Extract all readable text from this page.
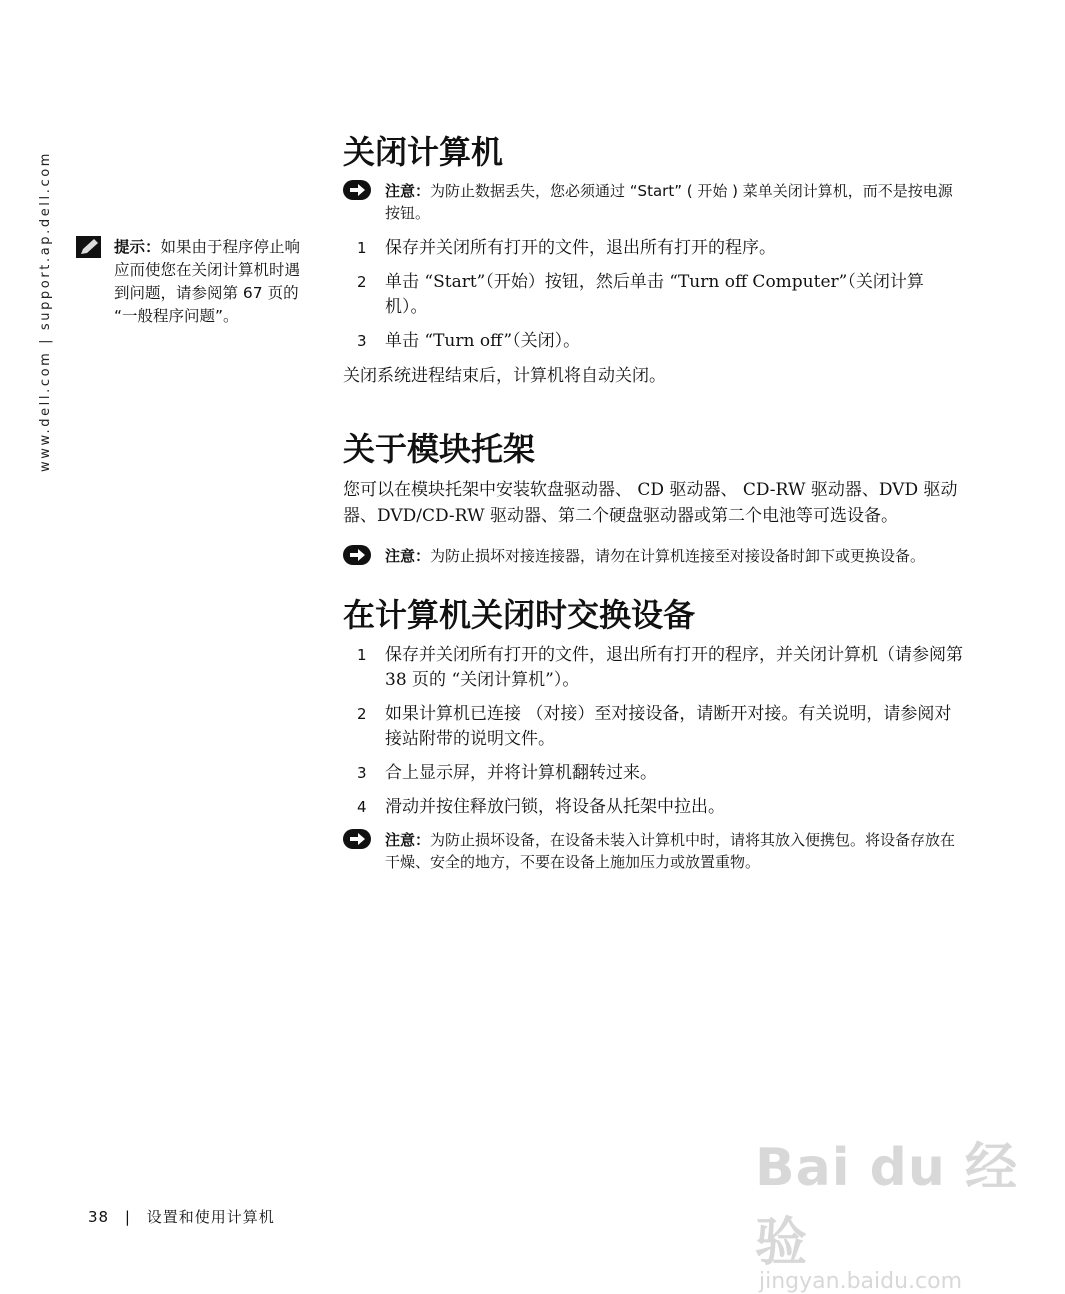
www.dell.com | support.ap.dell.com	提示：如果由于程序停止响应而使您在关闭计算机时遇到问题，请参阅第 67 页的 “一般程序问题”。
关闭计算机
注意：为防止数据丢失，您必须通过 “Start” ( 开始 ) 菜单关闭计算机，而不是按电源按钮。
1 保存并关闭所有打开的文件，退出所有打开的程序。
2 单击 “Start”（开始）按钮，然后单击 “Turn off Computer”（关闭计算机）。
3 单击 “Turn off”（关闭）。

关闭系统进程结束后，计算机将自动关闭。

关于模块托架

您可以在模块托架中安装软盘驱动器、 CD 驱动器、 CD-RW 驱动器、DVD 驱动器、DVD/CD-RW 驱动器、第二个硬盘驱动器或第二个电池等可选设备。

注意：为防止损坏对接连接器，请勿在计算机连接至对接设备时卸下或更换设备。
在计算机关闭时交换设备
1 保存并关闭所有打开的文件，退出所有打开的程序，并关闭计算机（请参阅第 38 页的 “关闭计算机”）。
2 如果计算机已连接 （对接）至对接设备，请断开对接。有关说明，请参阅对接站附带的说明文件。
3 合上显示屏，并将计算机翻转过来。
4 滑动并按住释放闩锁，将设备从托架中拉出。
注意：为防止损坏设备，在设备未装入计算机中时，请将其放入便携包。将设备存放在干燥、安全的地方，不要在设备上施加压力或放置重物。
38 | 设置和使用计算机
Bai du 经验
jingyan.baidu.com
